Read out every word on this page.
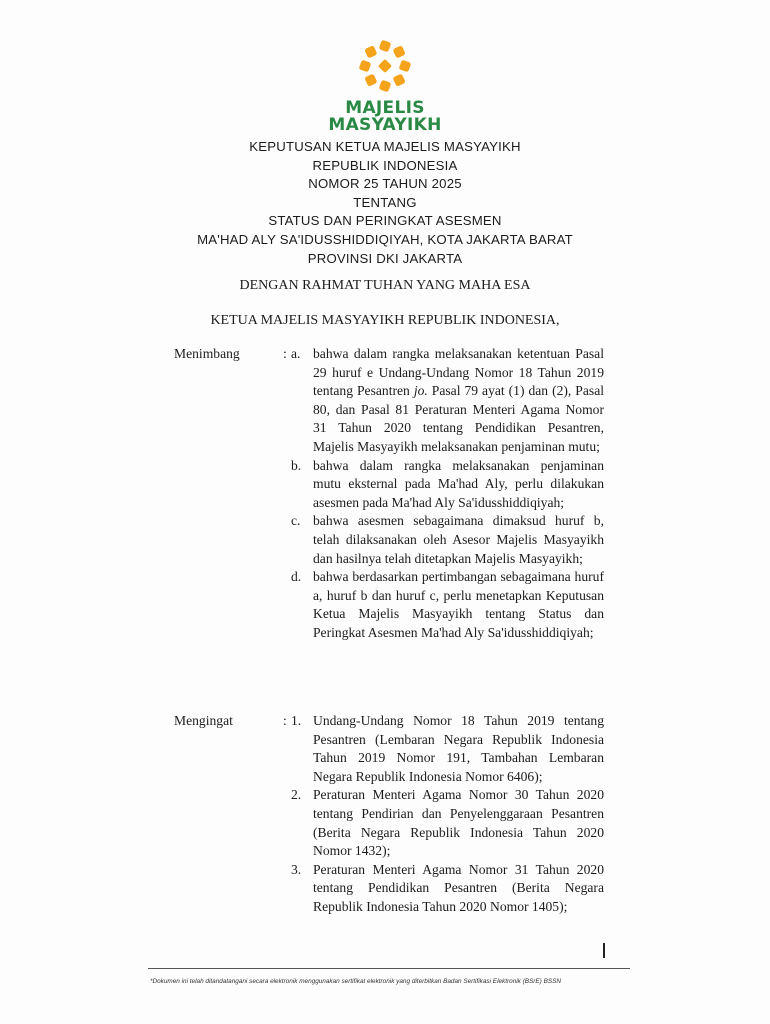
MAJELIS
MASYAYIKH
KEPUTUSAN KETUA MAJELIS MASYAYIKH
REPUBLIK INDONESIA
NOMOR 25 TAHUN 2025
TENTANG
STATUS DAN PERINGKAT ASESMEN
MA'HAD ALY SA'IDUSSHIDDIQIYAH, KOTA JAKARTA BARAT
PROVINSI DKI JAKARTA
DENGAN RAHMAT TUHAN YANG MAHA ESA
KETUA MAJELIS MASYAYIKH REPUBLIK INDONESIA,
Menimbang	: a. bahwa dalam rangka melaksanakan ketentuan Pasal 29 huruf e Undang-Undang Nomor 18 Tahun 2019 tentang Pesantren jo. Pasal 79 ayat (1) dan (2), Pasal 80, dan Pasal 81 Peraturan Menteri Agama Nomor 31 Tahun 2020 tentang Pendidikan Pesantren, Majelis Masyayikh melaksanakan penjaminan mutu;
b. bahwa dalam rangka melaksanakan penjaminan mutu eksternal pada Ma'had Aly, perlu dilakukan asesmen pada Ma'had Aly Sa'idusshiddiqiyah;
c. bahwa asesmen sebagaimana dimaksud huruf b, telah dilaksanakan oleh Asesor Majelis Masyayikh dan hasilnya telah ditetapkan Majelis Masyayikh;
d. bahwa berdasarkan pertimbangan sebagaimana huruf a, huruf b dan huruf c, perlu menetapkan Keputusan Ketua Majelis Masyayikh tentang Status dan Peringkat Asesmen Ma'had Aly Sa'idusshiddiqiyah;
Mengingat	: 1. Undang-Undang Nomor 18 Tahun 2019 tentang Pesantren (Lembaran Negara Republik Indonesia Tahun 2019 Nomor 191, Tambahan Lembaran Negara Republik Indonesia Nomor 6406);
2. Peraturan Menteri Agama Nomor 30 Tahun 2020 tentang Pendirian dan Penyelenggaraan Pesantren (Berita Negara Republik Indonesia Tahun 2020 Nomor 1432);
3. Peraturan Menteri Agama Nomor 31 Tahun 2020 tentang Pendidikan Pesantren (Berita Negara Republik Indonesia Tahun 2020 Nomor 1405);
*Dokumen ini telah ditandatangani secara elektronik menggunakan sertifikat elektronik yang diterbitkan Badan Sertifikasi Elektronik (BSrE) BSSN
